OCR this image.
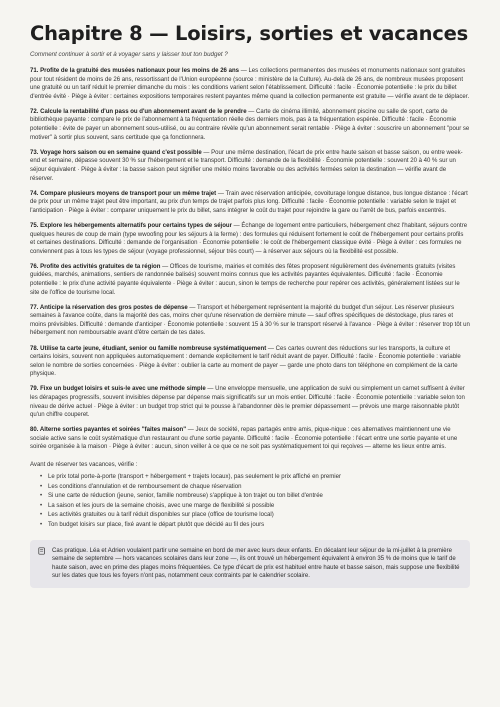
Chapitre 8 — Loisirs, sorties et vacances

Comment continuer à sortir et à voyager sans y laisser tout ton budget ?

71. Profite de la gratuité des musées nationaux pour les moins de 26 ans — Les collections permanentes des musées et monuments nationaux sont gratuites pour tout résident de moins de 26 ans, ressortissant de l'Union européenne (source : ministère de la Culture). Au-delà de 26 ans, de nombreux musées proposent une gratuité ou un tarif réduit le premier dimanche du mois : les conditions varient selon l'établissement. Difficulté : facile · Économie potentielle : le prix du billet d'entrée évité · Piège à éviter : certaines expositions temporaires restent payantes même quand la collection permanente est gratuite — vérifie avant de te déplacer.

72. Calcule la rentabilité d'un pass ou d'un abonnement avant de le prendre — Carte de cinéma illimité, abonnement piscine ou salle de sport, carte de bibliothèque payante : compare le prix de l'abonnement à ta fréquentation réelle des derniers mois, pas à ta fréquentation espérée. Difficulté : facile · Économie potentielle : évite de payer un abonnement sous-utilisé, ou au contraire révèle qu'un abonnement serait rentable · Piège à éviter : souscrire un abonnement "pour se motiver" à sortir plus souvent, sans certitude que ça fonctionnera.

73. Voyage hors saison ou en semaine quand c'est possible — Pour une même destination, l'écart de prix entre haute saison et basse saison, ou entre week-end et semaine, dépasse souvent 30 % sur l'hébergement et le transport. Difficulté : demande de la flexibilité · Économie potentielle : souvent 20 à 40 % sur un séjour équivalent · Piège à éviter : la basse saison peut signifier une météo moins favorable ou des activités fermées selon la destination — vérifie avant de réserver.

74. Compare plusieurs moyens de transport pour un même trajet — Train avec réservation anticipée, covoiturage longue distance, bus longue distance : l'écart de prix pour un même trajet peut être important, au prix d'un temps de trajet parfois plus long. Difficulté : facile · Économie potentielle : variable selon le trajet et l'anticipation · Piège à éviter : comparer uniquement le prix du billet, sans intégrer le coût du trajet pour rejoindre la gare ou l'arrêt de bus, parfois excentrés.

75. Explore les hébergements alternatifs pour certains types de séjour — Échange de logement entre particuliers, hébergement chez l'habitant, séjours contre quelques heures de coup de main (type wwoofing pour les séjours à la ferme) : des formules qui réduisent fortement le coût de l'hébergement pour certains profils et certaines destinations. Difficulté : demande de l'organisation · Économie potentielle : le coût de l'hébergement classique évité · Piège à éviter : ces formules ne conviennent pas à tous les types de séjour (voyage professionnel, séjour très court) — à réserver aux séjours où la flexibilité est possible.

76. Profite des activités gratuites de ta région — Offices de tourisme, mairies et comités des fêtes proposent régulièrement des événements gratuits (visites guidées, marchés, animations, sentiers de randonnée balisés) souvent moins connus que les activités payantes équivalentes. Difficulté : facile · Économie potentielle : le prix d'une activité payante équivalente · Piège à éviter : aucun, sinon le temps de recherche pour repérer ces activités, généralement listées sur le site de l'office de tourisme local.

77. Anticipe la réservation des gros postes de dépense — Transport et hébergement représentent la majorité du budget d'un séjour. Les réserver plusieurs semaines à l'avance coûte, dans la majorité des cas, moins cher qu'une réservation de dernière minute — sauf offres spécifiques de déstockage, plus rares et moins prévisibles. Difficulté : demande d'anticiper · Économie potentielle : souvent 15 à 30 % sur le transport réservé à l'avance · Piège à éviter : réserver trop tôt un hébergement non remboursable avant d'être certain de tes dates.

78. Utilise ta carte jeune, étudiant, senior ou famille nombreuse systématiquement — Ces cartes ouvrent des réductions sur les transports, la culture et certains loisirs, souvent non appliquées automatiquement : demande explicitement le tarif réduit avant de payer. Difficulté : facile · Économie potentielle : variable selon le nombre de sorties concernées · Piège à éviter : oublier la carte au moment de payer — garde une photo dans ton téléphone en complément de la carte physique.

79. Fixe un budget loisirs et suis-le avec une méthode simple — Une enveloppe mensuelle, une application de suivi ou simplement un carnet suffisent à éviter les dérapages progressifs, souvent invisibles dépense par dépense mais significatifs sur un mois entier. Difficulté : facile · Économie potentielle : variable selon ton niveau de dérive actuel · Piège à éviter : un budget trop strict qui te pousse à l'abandonner dès le premier dépassement — prévois une marge raisonnable plutôt qu'un chiffre couperet.

80. Alterne sorties payantes et soirées "faites maison" — Jeux de société, repas partagés entre amis, pique-nique : ces alternatives maintiennent une vie sociale active sans le coût systématique d'un restaurant ou d'une sortie payante. Difficulté : facile · Économie potentielle : l'écart entre une sortie payante et une soirée organisée à la maison · Piège à éviter : aucun, sinon veiller à ce que ce ne soit pas systématiquement toi qui reçoives — alterne les lieux entre amis.

Avant de réserver tes vacances, vérifie :

• Le prix total porte-à-porte (transport + hébergement + trajets locaux), pas seulement le prix affiché en premier
• Les conditions d'annulation et de remboursement de chaque réservation
• Si une carte de réduction (jeune, senior, famille nombreuse) s'applique à ton trajet ou ton billet d'entrée
• La saison et les jours de la semaine choisis, avec une marge de flexibilité si possible
• Les activités gratuites ou à tarif réduit disponibles sur place (office de tourisme local)
• Ton budget loisirs sur place, fixé avant le départ plutôt que décidé au fil des jours
Cas pratique. Léa et Adrien voulaient partir une semaine en bord de mer avec leurs deux enfants. En décalant leur séjour de la mi-juillet à la première semaine de septembre — hors vacances scolaires dans leur zone —, ils ont trouvé un hébergement équivalent à environ 35 % de moins que le tarif de haute saison, avec en prime des plages moins fréquentées. Ce type d'écart de prix est habituel entre haute et basse saison, mais suppose une flexibilité sur les dates que tous les foyers n'ont pas, notamment ceux contraints par le calendrier scolaire.
